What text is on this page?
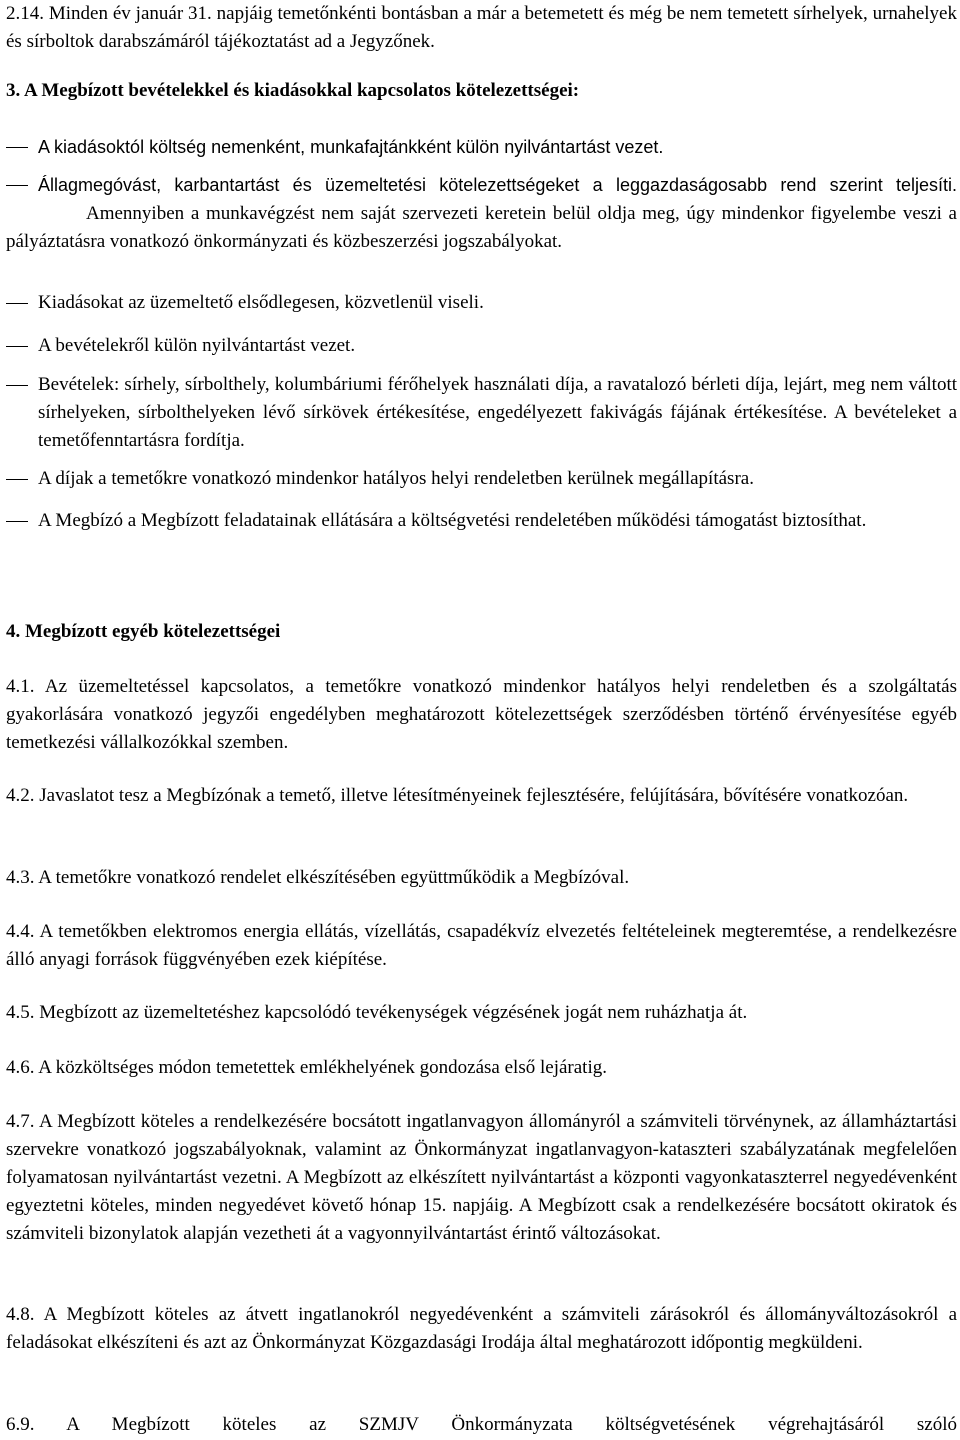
2.14. Minden év január 31. napjáig temetőnkénti bontásban a már a betemetett és még be nem temetett sírhelyek, urnahelyek és sírboltok darabszámáról tájékoztatást ad a Jegyzőnek.

3. A Megbízott bevételekkel és kiadásokkal kapcsolatos kötelezettségei:

A kiadásoktól költség nemenként, munkafajtánkként külön nyilvántartást vezet.

Állagmegóvást, karbantartást és üzemeltetési kötelezettségeket a leggazdaságosabb rend szerint teljesíti.

Amennyiben a munkavégzést nem saját szervezeti keretein belül oldja meg, úgy mindenkor figyelembe veszi a pályáztatásra vonatkozó önkormányzati és közbeszerzési jogszabályokat.

Kiadásokat az üzemeltető elsődlegesen, közvetlenül viseli.

A bevételekről külön nyilvántartást vezet.

Bevételek: sírhely, sírbolthely, kolumbáriumi férőhelyek használati díja, a ravatalozó bérleti díja, lejárt, meg nem váltott sírhelyeken, sírbolthelyeken lévő sírkövek értékesítése, engedélyezett fakivágás fájának értékesítése. A bevételeket a temetőfenntartásra fordítja.

A díjak a temetőkre vonatkozó mindenkor hatályos helyi rendeletben kerülnek megállapításra.

A Megbízó a Megbízott feladatainak ellátására a költségvetési rendeletében működési támogatást biztosíthat.

4. Megbízott egyéb kötelezettségei

4.1. Az üzemeltetéssel kapcsolatos, a temetőkre vonatkozó mindenkor hatályos helyi rendeletben és a szolgáltatás gyakorlására vonatkozó jegyzői engedélyben meghatározott kötelezettségek szerződésben történő érvényesítése egyéb temetkezési vállalkozókkal szemben.

4.2. Javaslatot tesz a Megbízónak a temető, illetve létesítményeinek fejlesztésére, felújítására, bővítésére vonatkozóan.

4.3. A temetőkre vonatkozó rendelet elkészítésében együttműködik a Megbízóval.

4.4. A temetőkben elektromos energia ellátás, vízellátás, csapadékvíz elvezetés feltételeinek megteremtése, a rendelkezésre álló anyagi források függvényében ezek kiépítése.

4.5. Megbízott az üzemeltetéshez kapcsolódó tevékenységek végzésének jogát nem ruházhatja át.

4.6. A közköltséges módon temetettek emlékhelyének gondozása első lejáratig.

4.7. A Megbízott köteles a rendelkezésére bocsátott ingatlanvagyon állományról a számviteli törvénynek, az államháztartási szervekre vonatkozó jogszabályoknak, valamint az Önkormányzat ingatlanvagyon-kataszteri szabályzatának megfelelően folyamatosan nyilvántartást vezetni. A Megbízott az elkészített nyilvántartást a központi vagyonkataszterrel negyedévenként egyeztetni köteles, minden negyedévet követő hónap 15. napjáig. A Megbízott csak a rendelkezésére bocsátott okiratok és számviteli bizonylatok alapján vezetheti át a vagyonnyilvántartást érintő változásokat.

4.8. A Megbízott köteles az átvett ingatlanokról negyedévenként a számviteli zárásokról és állományváltozásokról a feladásokat elkészíteni és azt az Önkormányzat Közgazdasági Irodája által meghatározott időpontig megküldeni.

6.9. A Megbízott köteles az SZMJV Önkormányzata költségvetésének végrehajtásáról szóló
